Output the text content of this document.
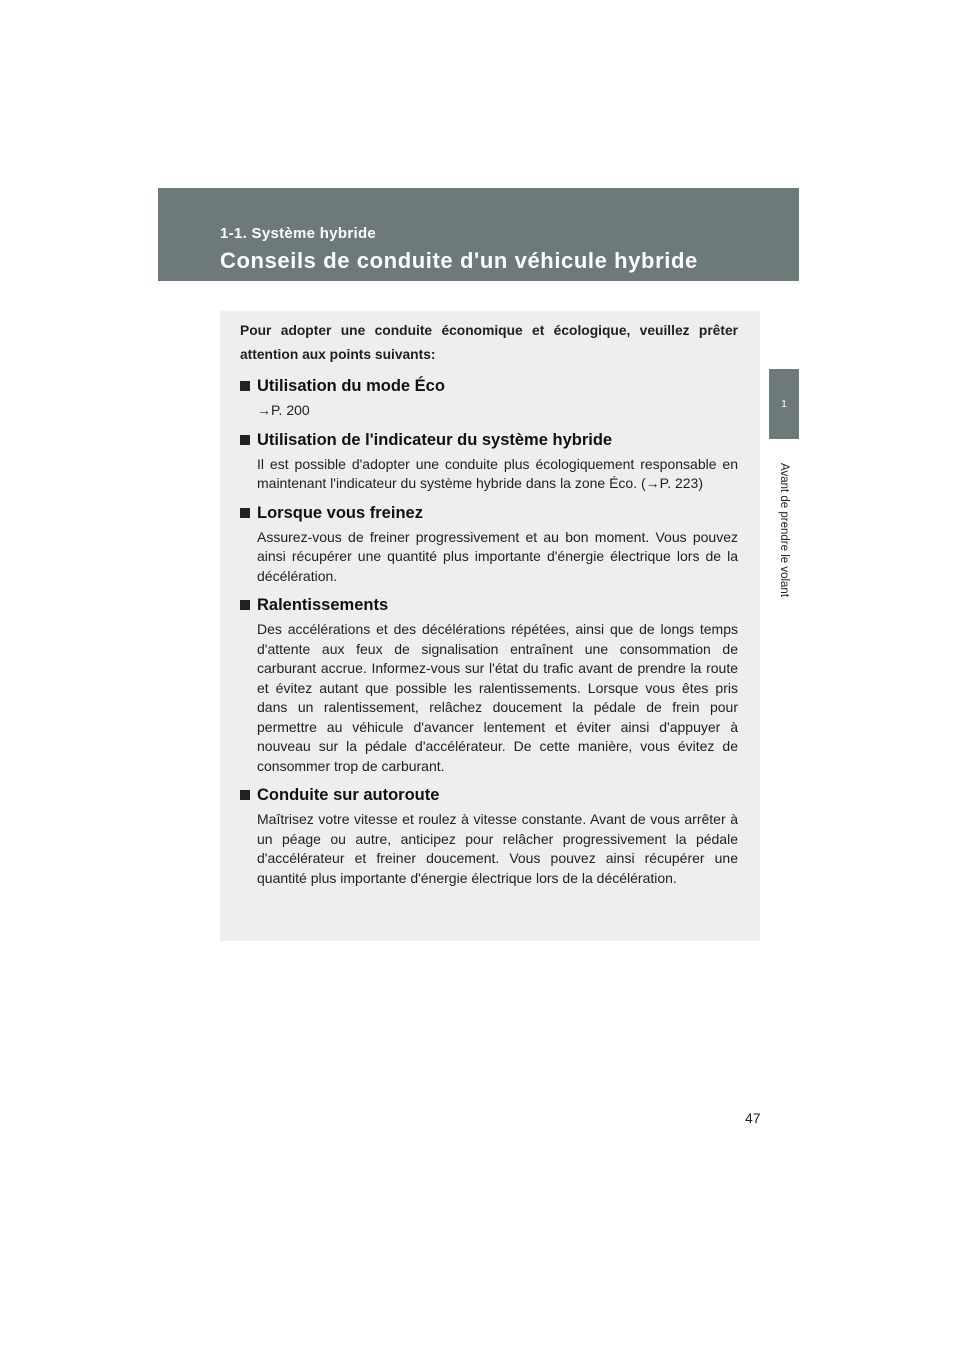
1-1. Système hybride
Conseils de conduite d'un véhicule hybride
1
Avant de prendre le volant

Pour adopter une conduite économique et écologique, veuillez prêter attention aux points suivants:

Utilisation du mode Éco

→P. 200

Utilisation de l'indicateur du système hybride

Il est possible d'adopter une conduite plus écologiquement responsable en maintenant l'indicateur du système hybride dans la zone Éco. (→P. 223)

Lorsque vous freinez

Assurez-vous de freiner progressivement et au bon moment. Vous pouvez ainsi récupérer une quantité plus importante d'énergie électrique lors de la décélération.

Ralentissements

Des accélérations et des décélérations répétées, ainsi que de longs temps d'attente aux feux de signalisation entraînent une consommation de carburant accrue. Informez-vous sur l'état du trafic avant de prendre la route et évitez autant que possible les ralentissements. Lorsque vous êtes pris dans un ralentissement, relâchez doucement la pédale de frein pour permettre au véhicule d'avancer lentement et éviter ainsi d'appuyer à nouveau sur la pédale d'accélérateur. De cette manière, vous évitez de consommer trop de carburant.

Conduite sur autoroute

Maîtrisez votre vitesse et roulez à vitesse constante. Avant de vous arrêter à un péage ou autre, anticipez pour relâcher progressivement la pédale d'accélérateur et freiner doucement. Vous pouvez ainsi récupérer une quantité plus importante d'énergie électrique lors de la décélération.

47
